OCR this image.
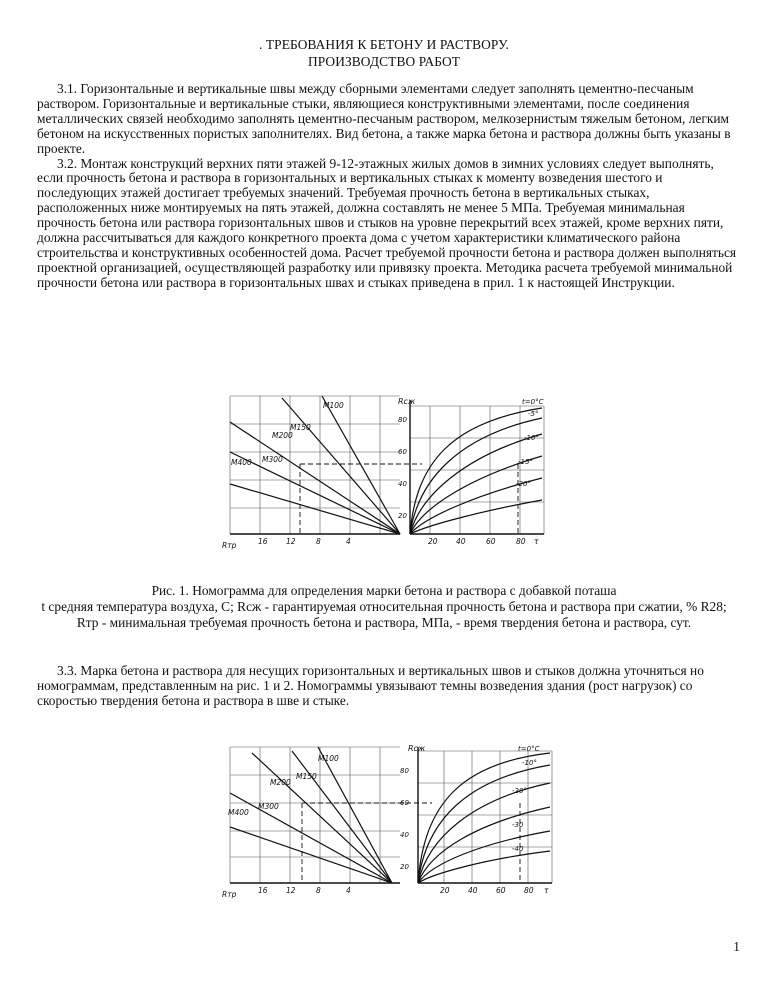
. ТРЕБОВАНИЯ К БЕТОНУ И РАСТВОРУ.
ПРОИЗВОДСТВО РАБОТ

3.1. Горизонтальные и вертикальные швы между сборными элементами следует заполнять цементно-песчаным раствором. Горизонтальные и вертикальные стыки, являющиеся конструктивными элементами, после соединения металлических связей необходимо заполнять цементно-песчаным раствором, мелкозернистым тяжелым бетоном, легким бетоном на искусственных пористых заполнителях. Вид бетона, а также марка бетона и раствора должны быть указаны в проекте.

3.2. Монтаж конструкций верхних пяти этажей 9-12-этажных жилых домов в зимних условиях следует выполнять, если прочность бетона и раствора в горизонтальных и вертикальных стыках к моменту возведения шестого и последующих этажей достигает требуемых значений. Требуемая прочность бетона в вертикальных стыках, расположенных ниже монтируемых на пять этажей, должна составлять не менее 5 МПа. Требуемая минимальная прочность бетона или раствора горизонтальных швов и стыков на уровне перекрытий всех этажей, кроме верхних пяти, должна рассчитываться для каждого конкретного проекта дома с учетом характеристики климатического района строительства и конструктивных особенностей дома. Расчет требуемой прочности бетона и раствора должен выполняться проектной организацией, осуществляющей разработку или привязку проекта. Методика расчета требуемой минимальной прочности бетона или раствора в горизонтальных швах и стыках приведена в прил. 1 к настоящей Инструкции.

М100
М200
М150
М400 М300
Rтр	16 12	8	4
Rсж
80
60
40
20
20 40	60	80 τ
t=0°C
-5°
-10°
-15°
-20°
Рис. 1. Номограмма для определения марки бетона и раствора с добавкой поташа
t средняя температура воздуха, С; Rсж - гарантируемая относительная прочность бетона и раствора при сжатии, % R28; Rтр - минимальная требуемая прочность бетона и раствора, МПа, - время твердения бетона и раствора, сут.

3.3. Марка бетона и раствора для несущих горизонтальных и вертикальных швов и стыков должна уточняться но номограммам, представленным на рис. 1 и 2. Номограммы увязывают темны возведения здания (рост нагрузок) со скоростью твердения бетона и раствора в шве и стыке.

М100
М150
М200
М400
М300
Rтр	16 12	8	4
Rсж
80
60
40
20
20 40 60 80 τ
t=0°C
-10°
-20°
-30
-40
1
